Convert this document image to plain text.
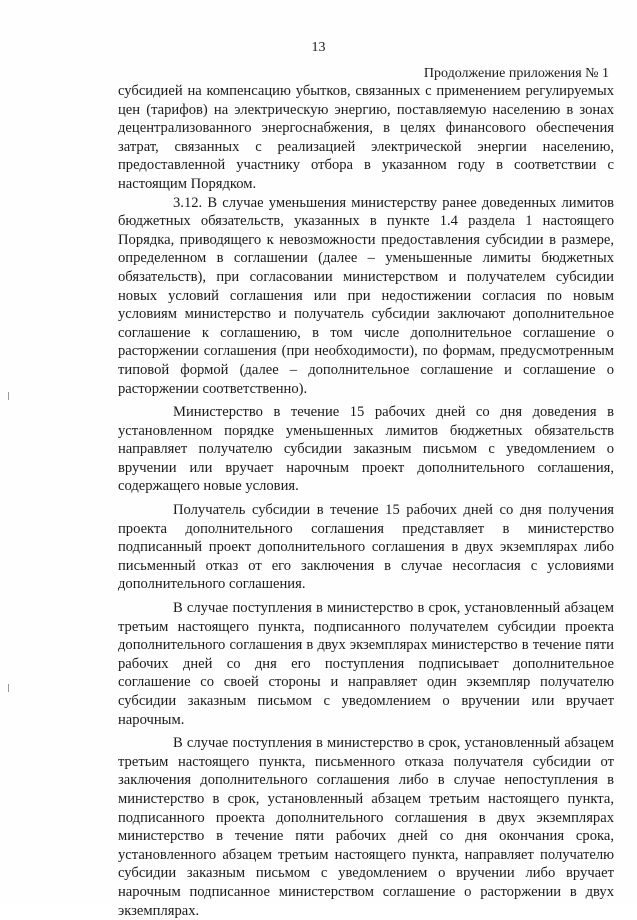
13
Продолжение приложения № 1

субсидией на компенсацию убытков, связанных с применением регулируемых цен (тарифов) на электрическую энергию, поставляемую населению в зонах децентрализованного энергоснабжения, в целях финансового обеспечения затрат, связанных с реализацией электрической энергии населению, предоставленной участнику отбора в указанном году в соответствии с настоящим Порядком.

3.12. В случае уменьшения министерству ранее доведенных лимитов бюджетных обязательств, указанных в пункте 1.4 раздела 1 настоящего Порядка, приводящего к невозможности предоставления субсидии в размере, определенном в соглашении (далее – уменьшенные лимиты бюджетных обязательств), при согласовании министерством и получателем субсидии новых условий соглашения или при недостижении согласия по новым условиям министерство и получатель субсидии заключают дополнительное соглашение к соглашению, в том числе дополнительное соглашение о расторжении соглашения (при необходимости), по формам, предусмотренным типовой формой (далее – дополнительное соглашение и соглашение о расторжении соответственно).

Министерство в течение 15 рабочих дней со дня доведения в установленном порядке уменьшенных лимитов бюджетных обязательств направляет получателю субсидии заказным письмом с уведомлением о вручении или вручает нарочным проект дополнительного соглашения, содержащего новые условия.

Получатель субсидии в течение 15 рабочих дней со дня получения проекта дополнительного соглашения представляет в министерство подписанный проект дополнительного соглашения в двух экземплярах либо письменный отказ от его заключения в случае несогласия с условиями дополнительного соглашения.

В случае поступления в министерство в срок, установленный абзацем третьим настоящего пункта, подписанного получателем субсидии проекта дополнительного соглашения в двух экземплярах министерство в течение пяти рабочих дней со дня его поступления подписывает дополнительное соглашение со своей стороны и направляет один экземпляр получателю субсидии заказным письмом с уведомлением о вручении или вручает нарочным.

В случае поступления в министерство в срок, установленный абзацем третьим настоящего пункта, письменного отказа получателя субсидии от заключения дополнительного соглашения либо в случае непоступления в министерство в срок, установленный абзацем третьим настоящего пункта, подписанного проекта дополнительного соглашения в двух экземплярах министерство в течение пяти рабочих дней со дня окончания срока, установленного абзацем третьим настоящего пункта, направляет получателю субсидии заказным письмом с уведомлением о вручении либо вручает нарочным подписанное министерством соглашение о расторжении в двух экземплярах.
